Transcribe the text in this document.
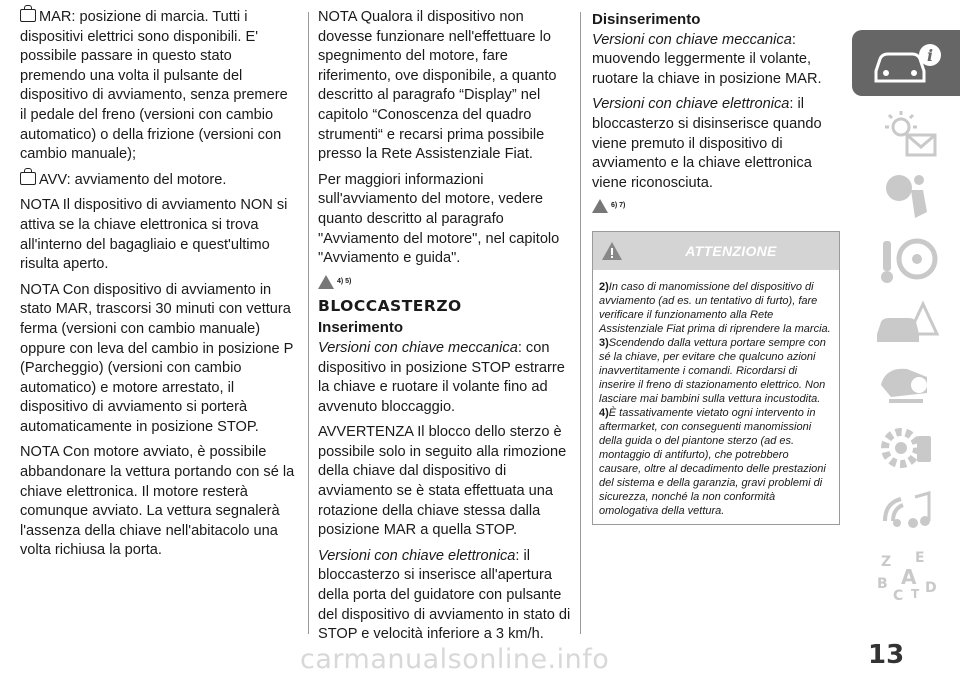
MAR: posizione di marcia. Tutti i dispositivi elettrici sono disponibili. E' possibile passare in questo stato premendo una volta il pulsante del dispositivo di avviamento, senza premere il pedale del freno (versioni con cambio automatico) o della frizione (versioni con cambio manuale);

AVV: avviamento del motore.

NOTA Il dispositivo di avviamento NON si attiva se la chiave elettronica si trova all'interno del bagagliaio e quest'ultimo risulta aperto.

NOTA Con dispositivo di avviamento in stato MAR, trascorsi 30 minuti con vettura ferma (versioni con cambio manuale) oppure con leva del cambio in posizione P (Parcheggio) (versioni con cambio automatico) e motore arrestato, il dispositivo di avviamento si porterà automaticamente in posizione STOP.

NOTA Con motore avviato, è possibile abbandonare la vettura portando con sé la chiave elettronica. Il motore resterà comunque avviato. La vettura segnalerà l'assenza della chiave nell'abitacolo una volta richiusa la porta.

NOTA Qualora il dispositivo non dovesse funzionare nell'effettuare lo spegnimento del motore, fare riferimento, ove disponibile, a quanto descritto al paragrafo “Display” nel capitolo “Conoscenza del quadro strumenti“ e recarsi prima possibile presso la Rete Assistenziale Fiat.

Per maggiori informazioni sull'avviamento del motore, vedere quanto descritto al paragrafo "Avviamento del motore", nel capitolo "Avviamento e guida".

4) 5)
BLOCCASTERZO
Inserimento

Versioni con chiave meccanica: con dispositivo in posizione STOP estrarre la chiave e ruotare il volante fino ad avvenuto bloccaggio.

AVVERTENZA Il blocco dello sterzo è possibile solo in seguito alla rimozione della chiave dal dispositivo di avviamento se è stata effettuata una rotazione della chiave stessa dalla posizione MAR a quella STOP.

Versioni con chiave elettronica: il bloccasterzo si inserisce all'apertura della porta del guidatore con pulsante del dispositivo di avviamento in stato di STOP e velocità inferiore a 3 km/h.

Disinserimento

Versioni con chiave meccanica: muovendo leggermente il volante, ruotare la chiave in posizione MAR.

Versioni con chiave elettronica: il bloccasterzo si disinserisce quando viene premuto il dispositivo di avviamento e la chiave elettronica viene riconosciuta.

6) 7)
ATTENZIONE

2)In caso di manomissione del dispositivo di avviamento (ad es. un tentativo di furto), fare verificare il funzionamento alla Rete Assistenziale Fiat prima di riprendere la marcia.

3)Scendendo dalla vettura portare sempre con sé la chiave, per evitare che qualcuno azioni inavvertitamente i comandi. Ricordarsi di inserire il freno di stazionamento elettrico. Non lasciare mai bambini sulla vettura incustodita.

4)È tassativamente vietato ogni intervento in aftermarket, con conseguenti manomissioni della guida o del piantone sterzo (ad es. montaggio di antifurto), che potrebbero causare, oltre al decadimento delle prestazioni del sistema e della garanzia, gravi problemi di sicurezza, nonché la non conformità omologativa della vettura.

i
Z E
B A
C T D
13
carmanualsonline.info
